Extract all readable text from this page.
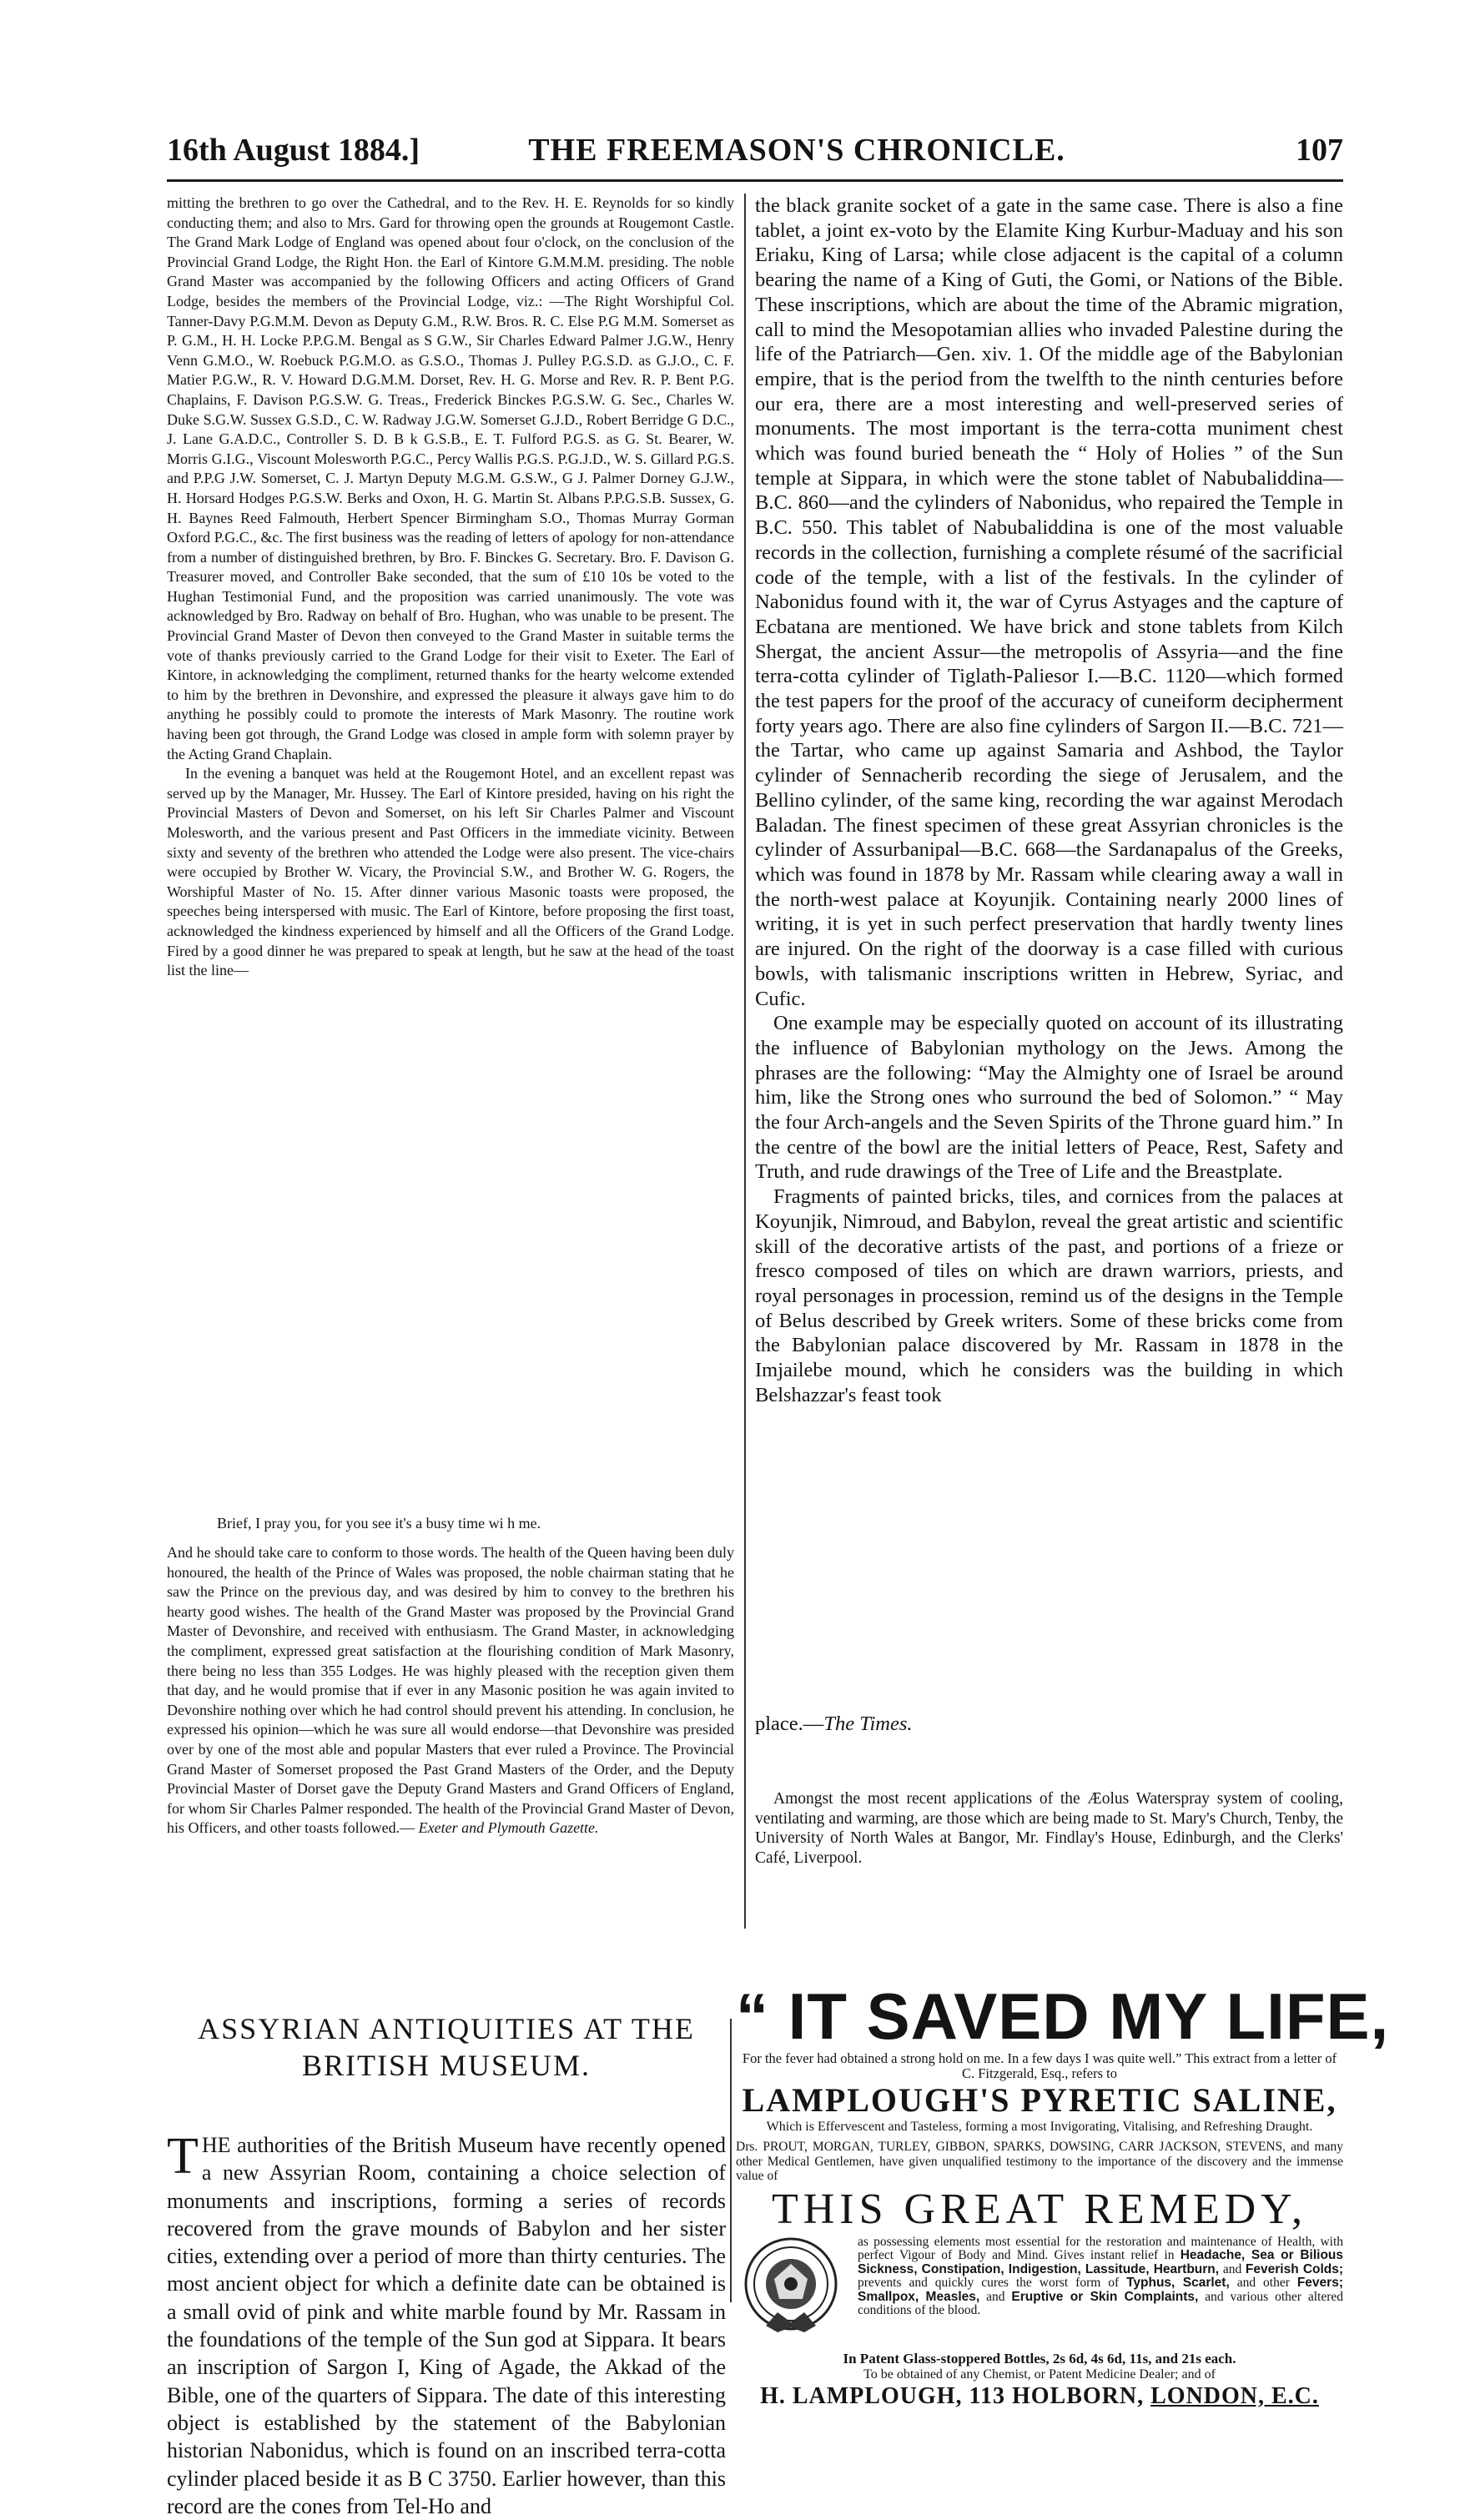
16th August 1884.]	THE FREEMASON'S CHRONICLE.	107

mitting the brethren to go over the Cathedral, and to the Rev. H. E. Reynolds for so kindly conducting them; and also to Mrs. Gard for throwing open the grounds at Rougemont Castle. The Grand Mark Lodge of England was opened about four o'clock, on the conclusion of the Provincial Grand Lodge, the Right Hon. the Earl of Kintore G.M.M.M. presiding. The noble Grand Master was accompanied by the following Officers and acting Officers of Grand Lodge, besides the members of the Provincial Lodge, viz.: —The Right Worshipful Col. Tanner-Davy P.G.M.M. Devon as Deputy G.M., R.W. Bros. R. C. Else P.G M.M. Somerset as P. G.M., H. H. Locke P.P.G.M. Bengal as S G.W., Sir Charles Edward Palmer J.G.W., Henry Venn G.M.O., W. Roebuck P.G.M.O. as G.S.O., Thomas J. Pulley P.G.S.D. as G.J.O., C. F. Matier P.G.W., R. V. Howard D.G.M.M. Dorset, Rev. H. G. Morse and Rev. R. P. Bent P.G. Chaplains, F. Davison P.G.S.W. G. Treas., Frederick Binckes P.G.S.W. G. Sec., Charles W. Duke S.G.W. Sussex G.S.D., C. W. Radway J.G.W. Somerset G.J.D., Robert Berridge G D.C., J. Lane G.A.D.C., Controller S. D. B k G.S.B., E. T. Fulford P.G.S. as G. St. Bearer, W. Morris G.I.G., Viscount Molesworth P.G.C., Percy Wallis P.G.S. P.G.J.D., W. S. Gillard P.G.S. and P.P.G J.W. Somerset, C. J. Martyn Deputy M.G.M. G.S.W., G J. Palmer Dorney G.J.W., H. Horsard Hodges P.G.S.W. Berks and Oxon, H. G. Martin St. Albans P.P.G.S.B. Sussex, G. H. Baynes Reed Falmouth, Herbert Spencer Birmingham S.O., Thomas Murray Gorman Oxford P.G.C., &c. The first business was the reading of letters of apology for non-attendance from a number of distinguished brethren, by Bro. F. Binckes G. Secretary. Bro. F. Davison G. Treasurer moved, and Controller Bake seconded, that the sum of £10 10s be voted to the Hughan Testimonial Fund, and the proposition was carried unanimously. The vote was acknowledged by Bro. Radway on behalf of Bro. Hughan, who was unable to be present. The Provincial Grand Master of Devon then conveyed to the Grand Master in suitable terms the vote of thanks previously carried to the Grand Lodge for their visit to Exeter. The Earl of Kintore, in acknowledging the compliment, returned thanks for the hearty welcome extended to him by the brethren in Devonshire, and expressed the pleasure it always gave him to do anything he possibly could to promote the interests of Mark Masonry. The routine work having been got through, the Grand Lodge was closed in ample form with solemn prayer by the Acting Grand Chaplain.

In the evening a banquet was held at the Rougemont Hotel, and an excellent repast was served up by the Manager, Mr. Hussey. The Earl of Kintore presided, having on his right the Provincial Masters of Devon and Somerset, on his left Sir Charles Palmer and Viscount Molesworth, and the various present and Past Officers in the immediate vicinity. Between sixty and seventy of the brethren who attended the Lodge were also present. The vice-chairs were occupied by Brother W. Vicary, the Provincial S.W., and Brother W. G. Rogers, the Worshipful Master of No. 15. After dinner various Masonic toasts were proposed, the speeches being interspersed with music. The Earl of Kintore, before proposing the first toast, acknowledged the kindness experienced by himself and all the Officers of the Grand Lodge. Fired by a good dinner he was prepared to speak at length, but he saw at the head of the toast list the line—

Brief, I pray you, for you see it's a busy time wi h me.

And he should take care to conform to those words. The health of the Queen having been duly honoured, the health of the Prince of Wales was proposed, the noble chairman stating that he saw the Prince on the previous day, and was desired by him to convey to the brethren his hearty good wishes. The health of the Grand Master was proposed by the Provincial Grand Master of Devonshire, and received with enthusiasm. The Grand Master, in acknowledging the compliment, expressed great satisfaction at the flourishing condition of Mark Masonry, there being no less than 355 Lodges. He was highly pleased with the reception given them that day, and he would promise that if ever in any Masonic position he was again invited to Devonshire nothing over which he had control should prevent his attending. In conclusion, he expressed his opinion—which he was sure all would endorse—that Devonshire was presided over by one of the most able and popular Masters that ever ruled a Province. The Provincial Grand Master of Somerset proposed the Past Grand Masters of the Order, and the Deputy Provincial Master of Dorset gave the Deputy Grand Masters and Grand Officers of England, for whom Sir Charles Palmer responded. The health of the Provincial Grand Master of Devon, his Officers, and other toasts followed.— Exeter and Plymouth Gazette.

ASSYRIAN ANTIQUITIES AT THE
BRITISH MUSEUM.

THE authorities of the British Museum have recently opened a new Assyrian Room, containing a choice selection of monuments and inscriptions, forming a series of records recovered from the grave mounds of Babylon and her sister cities, extending over a period of more than thirty centuries. The most ancient object for which a definite date can be obtained is a small ovid of pink and white marble found by Mr. Rassam in the foundations of the temple of the Sun god at Sippara. It bears an inscription of Sargon I, King of Agade, the Akkad of the Bible, one of the quarters of Sippara. The date of this interesting object is established by the statement of the Babylonian historian Nabonidus, which is found on an inscribed terra-cotta cylinder placed beside it as B C 3750. Earlier however, than this record are the cones from Tel-Ho and

the black granite socket of a gate in the same case. There is also a fine tablet, a joint ex-voto by the Elamite King Kurbur-Maduay and his son Eriaku, King of Larsa; while close adjacent is the capital of a column bearing the name of a King of Guti, the Gomi, or Nations of the Bible. These inscriptions, which are about the time of the Abramic migration, call to mind the Mesopotamian allies who invaded Palestine during the life of the Patriarch—Gen. xiv. 1. Of the middle age of the Babylonian empire, that is the period from the twelfth to the ninth centuries before our era, there are a most interesting and well-preserved series of monuments. The most important is the terra-cotta muniment chest which was found buried beneath the “ Holy of Holies ” of the Sun temple at Sippara, in which were the stone tablet of Nabubaliddina—B.C. 860—and the cylinders of Nabonidus, who repaired the Temple in B.C. 550. This tablet of Nabubaliddina is one of the most valuable records in the collection, furnishing a complete résumé of the sacrificial code of the temple, with a list of the festivals. In the cylinder of Nabonidus found with it, the war of Cyrus Astyages and the capture of Ecbatana are mentioned. We have brick and stone tablets from Kilch Shergat, the ancient Assur—the metropolis of Assyria—and the fine terra-cotta cylinder of Tiglath-Paliesor I.—B.C. 1120—which formed the test papers for the proof of the accuracy of cuneiform decipherment forty years ago. There are also fine cylinders of Sargon II.—B.C. 721—the Tartar, who came up against Samaria and Ashbod, the Taylor cylinder of Sennacherib recording the siege of Jerusalem, and the Bellino cylinder, of the same king, recording the war against Merodach Baladan. The finest specimen of these great Assyrian chronicles is the cylinder of Assurbanipal—B.C. 668—the Sardanapalus of the Greeks, which was found in 1878 by Mr. Rassam while clearing away a wall in the north-west palace at Koyunjik. Containing nearly 2000 lines of writing, it is yet in such perfect preservation that hardly twenty lines are injured. On the right of the doorway is a case filled with curious bowls, with talismanic inscriptions written in Hebrew, Syriac, and Cufic.

One example may be especially quoted on account of its illustrating the influence of Babylonian mythology on the Jews. Among the phrases are the following: “May the Almighty one of Israel be around him, like the Strong ones who surround the bed of Solomon.” “ May the four Arch-angels and the Seven Spirits of the Throne guard him.” In the centre of the bowl are the initial letters of Peace, Rest, Safety and Truth, and rude drawings of the Tree of Life and the Breastplate.

Fragments of painted bricks, tiles, and cornices from the palaces at Koyunjik, Nimroud, and Babylon, reveal the great artistic and scientific skill of the decorative artists of the past, and portions of a frieze or fresco composed of tiles on which are drawn warriors, priests, and royal personages in procession, remind us of the designs in the Temple of Belus described by Greek writers. Some of these bricks come from the Babylonian palace discovered by Mr. Rassam in 1878 in the Imjailebe mound, which he considers was the building in which Belshazzar's feast took

place.—The Times.

Amongst the most recent applications of the Æolus Waterspray system of cooling, ventilating and warming, are those which are being made to St. Mary's Church, Tenby, the University of North Wales at Bangor, Mr. Findlay's House, Edinburgh, and the Clerks' Café, Liverpool.

“ IT SAVED MY LIFE,
For the fever had obtained a strong hold on me. In a few days I was quite well.” This extract from a letter of C. Fitzgerald, Esq., refers to
LAMPLOUGH'S PYRETIC SALINE,
Which is Effervescent and Tasteless, forming a most Invigorating, Vitalising, and Refreshing Draught.
Drs. PROUT, MORGAN, TURLEY, GIBBON, SPARKS, DOWSING, CARR JACKSON, STEVENS, and many other Medical Gentlemen, have given unqualified testimony to the importance of the discovery and the immense value of
THIS GREAT REMEDY,
as possessing elements most essential for the restoration and maintenance of Health, with perfect Vigour of Body and Mind. Gives instant relief in Headache, Sea or Bilious Sickness, Constipation, Indigestion, Lassitude, Heartburn, and Feverish Colds; prevents and quickly cures the worst form of Typhus, Scarlet, and other Fevers; Smallpox, Measles, and Eruptive or Skin Complaints, and various other altered conditions of the blood.
In Patent Glass-stoppered Bottles, 2s 6d, 4s 6d, 11s, and 21s each.
To be obtained of any Chemist, or Patent Medicine Dealer; and of
H. LAMPLOUGH, 113 HOLBORN, LONDON, E.C.
